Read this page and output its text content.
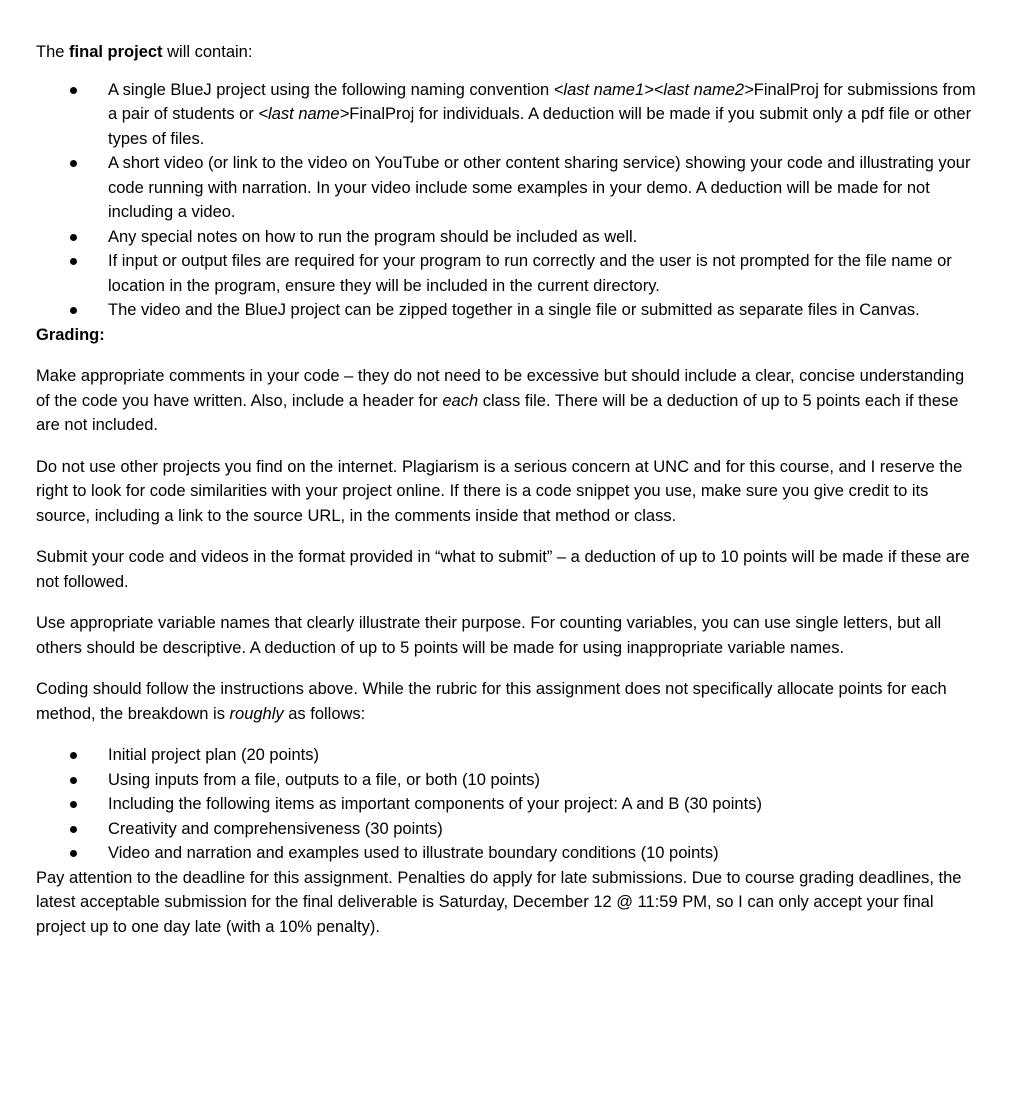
The final project will contain:

A single BlueJ project using the following naming convention <last name1><last name2>FinalProj for submissions from a pair of students or <last name>FinalProj for individuals. A deduction will be made if you submit only a pdf file or other types of files.
A short video (or link to the video on YouTube or other content sharing service) showing your code and illustrating your code running with narration. In your video include some examples in your demo. A deduction will be made for not including a video.
Any special notes on how to run the program should be included as well.
If input or output files are required for your program to run correctly and the user is not prompted for the file name or location in the program, ensure they will be included in the current directory.
The video and the BlueJ project can be zipped together in a single file or submitted as separate files in Canvas.

Grading:

Make appropriate comments in your code – they do not need to be excessive but should include a clear, concise understanding of the code you have written. Also, include a header for each class file. There will be a deduction of up to 5 points each if these are not included.

Do not use other projects you find on the internet. Plagiarism is a serious concern at UNC and for this course, and I reserve the right to look for code similarities with your project online. If there is a code snippet you use, make sure you give credit to its source, including a link to the source URL, in the comments inside that method or class.

Submit your code and videos in the format provided in “what to submit” – a deduction of up to 10 points will be made if these are not followed.

Use appropriate variable names that clearly illustrate their purpose. For counting variables, you can use single letters, but all others should be descriptive. A deduction of up to 5 points will be made for using inappropriate variable names.

Coding should follow the instructions above. While the rubric for this assignment does not specifically allocate points for each method, the breakdown is roughly as follows:

Initial project plan (20 points)
Using inputs from a file, outputs to a file, or both (10 points)
Including the following items as important components of your project: A and B (30 points)
Creativity and comprehensiveness (30 points)
Video and narration and examples used to illustrate boundary conditions (10 points)

Pay attention to the deadline for this assignment. Penalties do apply for late submissions. Due to course grading deadlines, the latest acceptable submission for the final deliverable is Saturday, December 12 @ 11:59 PM, so I can only accept your final project up to one day late (with a 10% penalty).
